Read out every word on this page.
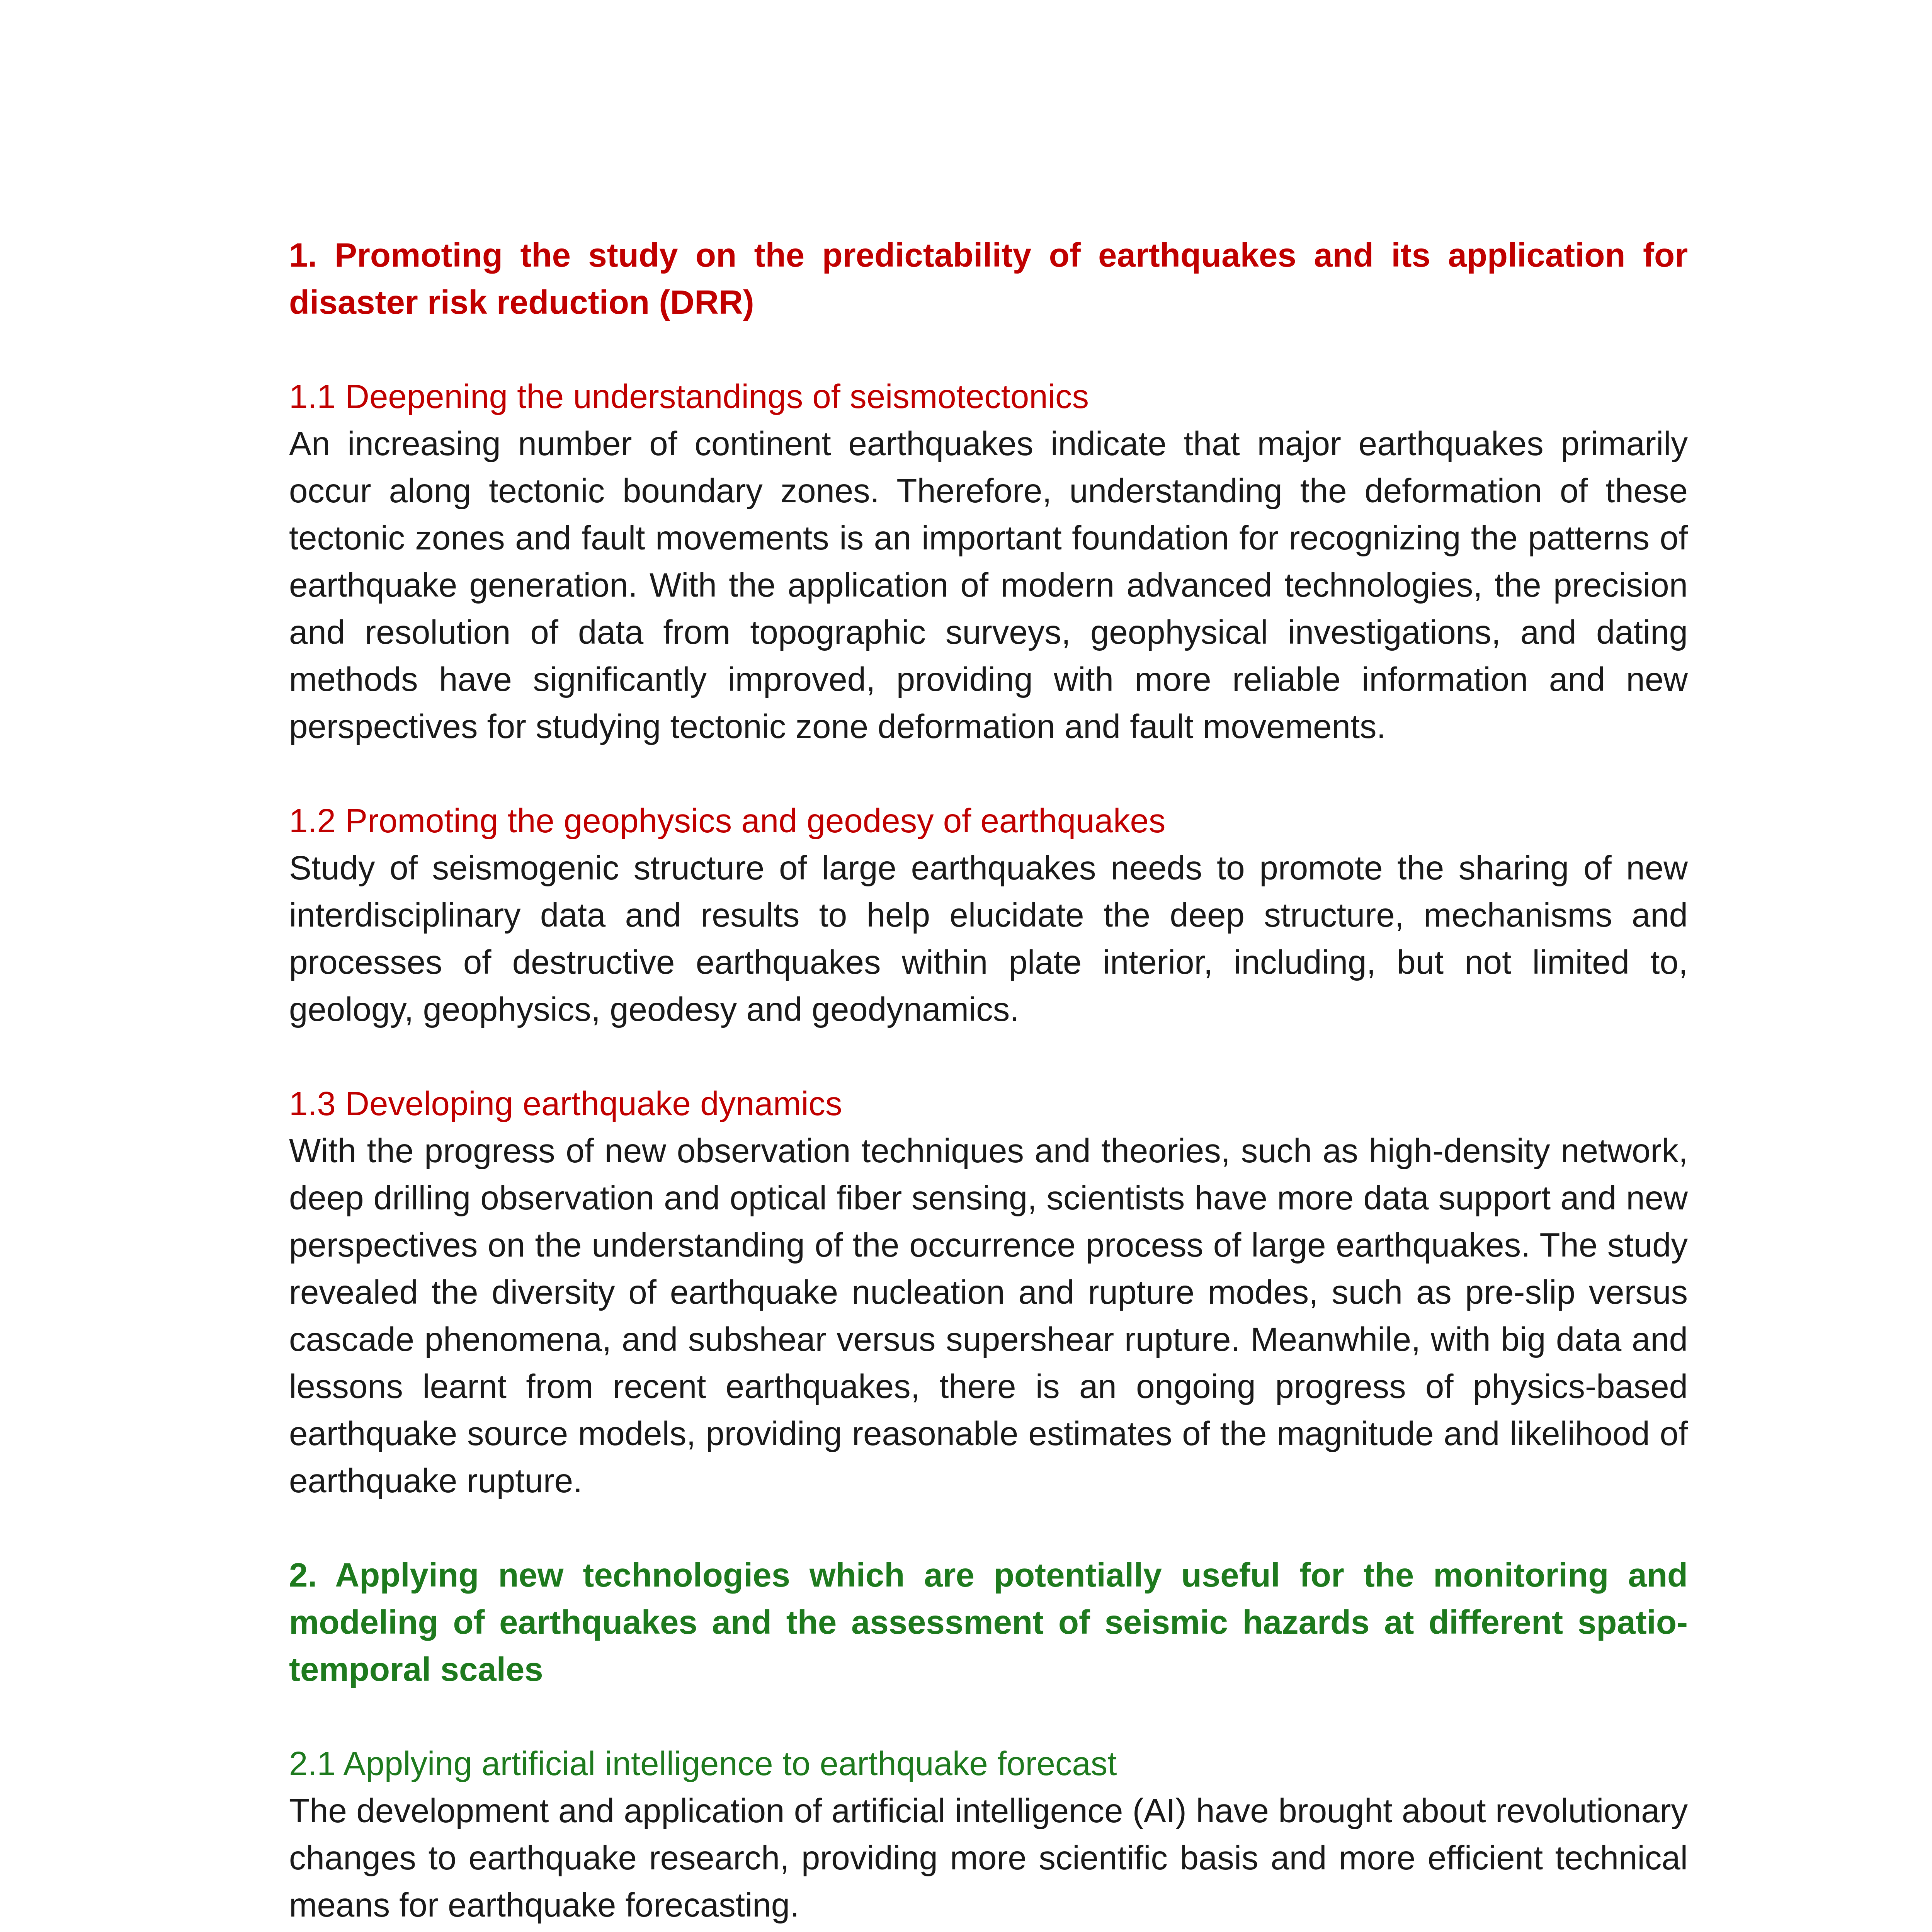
1. Promoting the study on the predictability of earthquakes and its application for disaster risk reduction (DRR)

1.1 Deepening the understandings of seismotectonics

An increasing number of continent earthquakes indicate that major earthquakes primarily occur along tectonic boundary zones. Therefore, understanding the deformation of these tectonic zones and fault movements is an important foundation for recognizing the patterns of earthquake generation. With the application of modern advanced technologies, the precision and resolution of data from topographic surveys, geophysical investigations, and dating methods have significantly improved, providing with more reliable information and new perspectives for studying tectonic zone deformation and fault movements.

1.2 Promoting the geophysics and geodesy of earthquakes

Study of seismogenic structure of large earthquakes needs to promote the sharing of new interdisciplinary data and results to help elucidate the deep structure, mechanisms and processes of destructive earthquakes within plate interior, including, but not limited to, geology, geophysics, geodesy and geodynamics.

1.3 Developing earthquake dynamics

With the progress of new observation techniques and theories, such as high-density network, deep drilling observation and optical fiber sensing, scientists have more data support and new perspectives on the understanding of the occurrence process of large earthquakes. The study revealed the diversity of earthquake nucleation and rupture modes, such as pre-slip versus cascade phenomena, and subshear versus supershear rupture. Meanwhile, with big data and lessons learnt from recent earthquakes, there is an ongoing progress of physics-based earthquake source models, providing reasonable estimates of the magnitude and likelihood of earthquake rupture.

2. Applying new technologies which are potentially useful for the monitoring and modeling of earthquakes and the assessment of seismic hazards at different spatio-temporal scales

2.1 Applying artificial intelligence to earthquake forecast

The development and application of artificial intelligence (AI) have brought about revolutionary changes to earthquake research, providing more scientific basis and more efficient technical means for earthquake forecasting.
